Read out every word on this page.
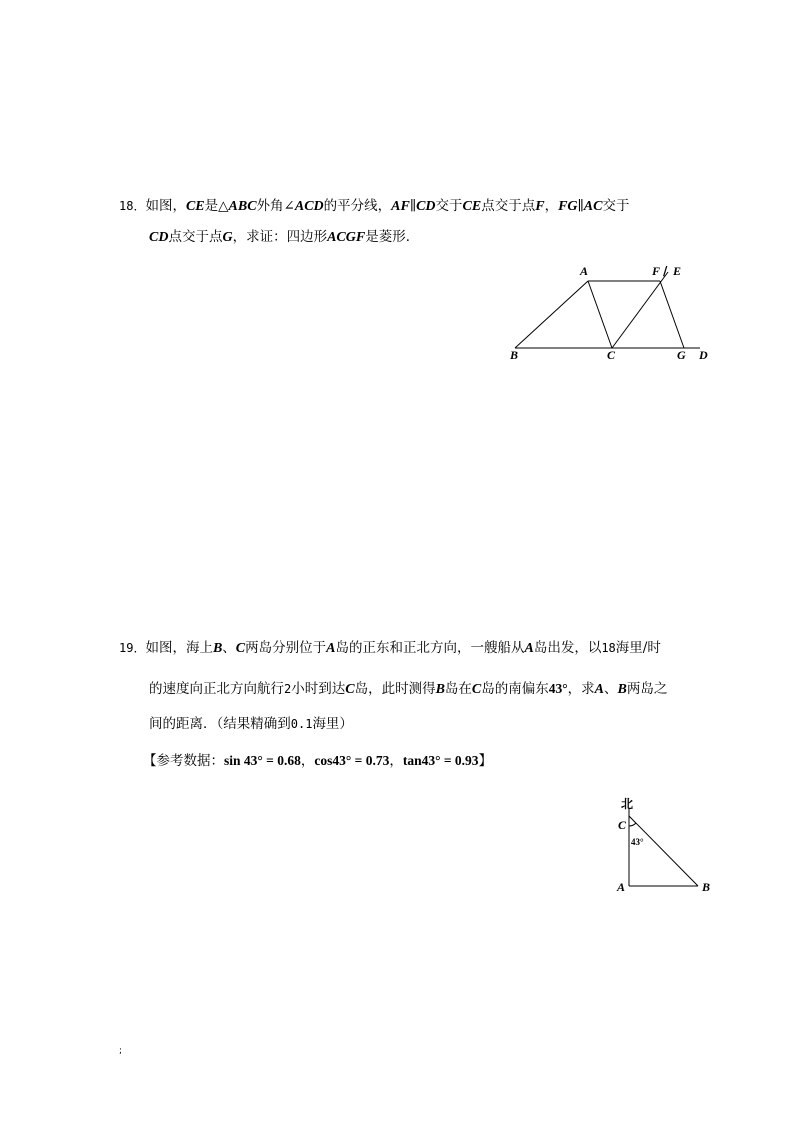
18．如图，CE是△ABC外角∠ACD的平分线，AF∥CD交于CE点交于点F，FG∥AC交于
CD点交于点G，求证：四边形ACGF是菱形．
A	F / E
B	C	G D
19．如图，海上B、C两岛分别位于A岛的正东和正北方向，一艘船从A岛出发，以18海里/时
的速度向正北方向航行2小时到达C岛，此时测得B岛在C岛的南偏东43°，求A、B两岛之
间的距离．（结果精确到0.1海里）
【参考数据：sin 43° = 0.68，cos43° = 0.73，tan43° = 0.93】
北
C
43°
A	B
;
